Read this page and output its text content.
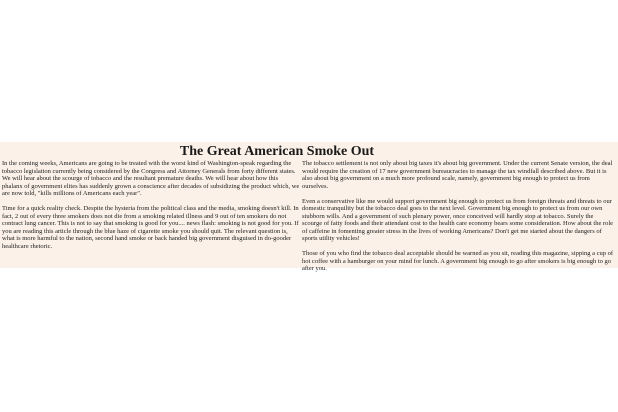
The Great American Smoke Out

In the coming weeks, Americans are going to be treated with the worst kind of Washington-speak regarding the tobacco legislation currently being considered by the Congress and Attorney Generals from forty different states. We will hear about the scourge of tobacco and the resultant premature deaths. We will hear about how this phalanx of government elites has suddenly grown a conscience after decades of subsidizing the product which, we are now told, "kills millions of Americans each year".

Time for a quick reality check. Despite the hysteria from the political class and the media, smoking doesn't kill. In fact, 2 out of every three smokers does not die from a smoking related illness and 9 out of ten smokers do not contract lung cancer. This is not to say that smoking is good for you.... news flash: smoking is not good for you. If you are reading this article through the blue haze of cigarette smoke you should quit. The relevant question is, what is more harmful to the nation, second hand smoke or back handed big government disguised in do-gooder healthcare rhetoric.

The tobacco settlement is not only about big taxes it's about big government. Under the current Senate version, the deal would require the creation of 17 new government bureaucracies to manage the tax windfall described above. But it is also about big government on a much more profound scale, namely, government big enough to protect us from ourselves.

Even a conservative like me would support government big enough to protect us from foreign threats and threats to our domestic tranquility but the tobacco deal goes to the next level. Government big enough to protect us from our own stubborn wills. And a government of such plenary power, once conceived will hardly stop at tobacco. Surely the scourge of fatty foods and their attendant cost to the health care economy bears some consideration. How about the role of caffeine in fomenting greater stress in the lives of working Americans? Don't get me started about the dangers of sports utility vehicles!

Those of you who find the tobacco deal acceptable should be warned as you sit, reading this magazine, sipping a cup of hot coffee with a hamburger on your mind for lunch. A government big enough to go after smokers is big enough to go after you.
